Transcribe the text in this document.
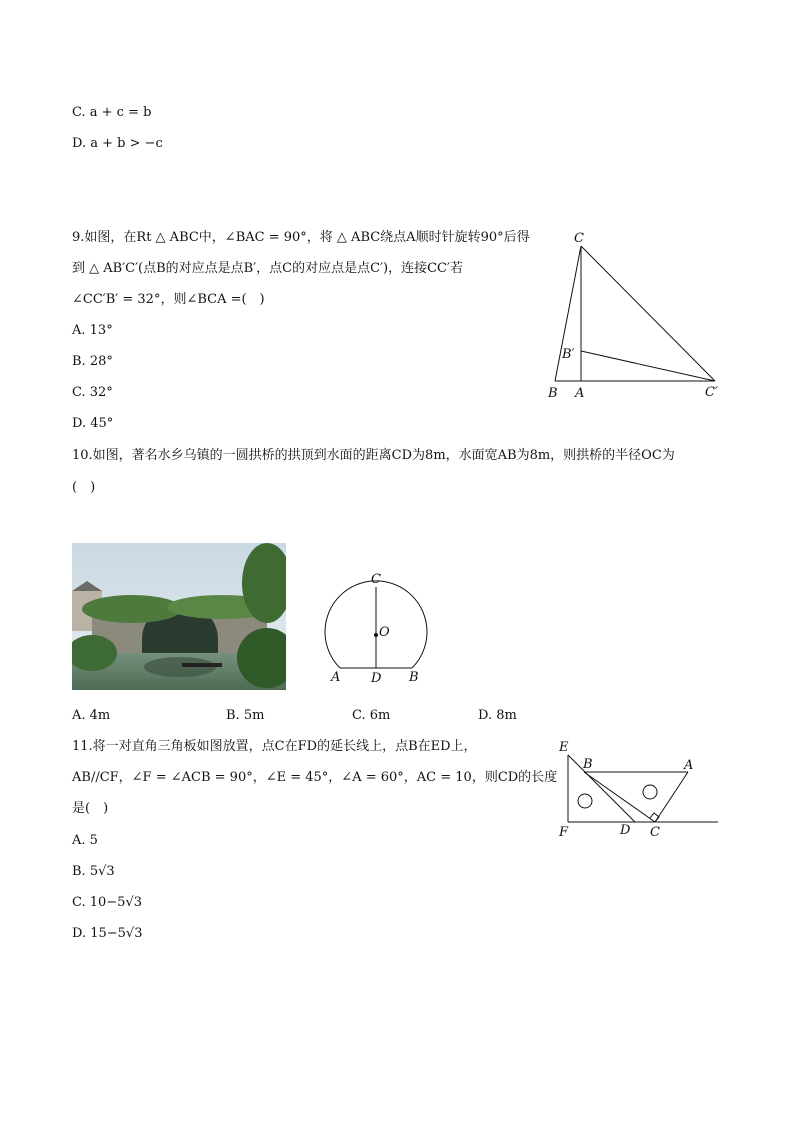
C. a + c = b
D. a + b > −c
9.如图，在Rt △ ABC中，∠BAC = 90°，将 △ ABC绕点A顺时针旋转90°后得
到 △ AB′C′(点B的对应点是点B′，点C的对应点是点C′)，连接CC′若
∠CC′B′ = 32°，则∠BCA =(　)
A. 13°
B. 28°
C. 32°
D. 45°
C
B′
B A	C′
10.如图，著名水乡乌镇的一圆拱桥的拱顶到水面的距离CD为8m，水面宽AB为8m，则拱桥的半径OC为
(　)
C
O
A D B
A. 4m	B. 5m	C. 6m	D. 8m
11.将一对直角三角板如图放置，点C在FD的延长线上，点B在ED上，
AB//CF，∠F = ∠ACB = 90°，∠E = 45°，∠A = 60°，AC = 10，则CD的长度
是(　)
A. 5
B. 5√3
C. 10−5√3
D. 15−5√3
E
B	A
F	D C
